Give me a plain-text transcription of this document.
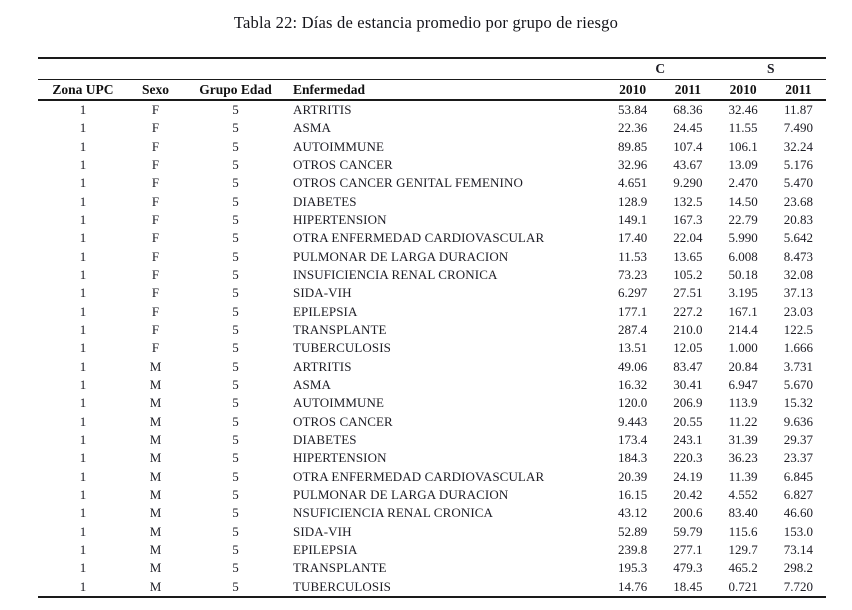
Tabla 22: Días de estancia promedio por grupo de riesgo
C	S
Zona UPC	Sexo	Grupo Edad	Enfermedad	2010	2011	2010	2011
1	F	5	ARTRITIS	53.84	68.36	32.46	11.87
1	F	5	ASMA	22.36	24.45	11.55	7.490
1	F	5	AUTOIMMUNE	89.85	107.4	106.1	32.24
1	F	5	OTROS CANCER	32.96	43.67	13.09	5.176
1	F	5	OTROS CANCER GENITAL FEMENINO	4.651	9.290	2.470	5.470
1	F	5	DIABETES	128.9	132.5	14.50	23.68
1	F	5	HIPERTENSION	149.1	167.3	22.79	20.83
1	F	5	OTRA ENFERMEDAD CARDIOVASCULAR	17.40	22.04	5.990	5.642
1	F	5	PULMONAR DE LARGA DURACION	11.53	13.65	6.008	8.473
1	F	5	INSUFICIENCIA RENAL CRONICA	73.23	105.2	50.18	32.08
1	F	5	SIDA-VIH	6.297	27.51	3.195	37.13
1	F	5	EPILEPSIA	177.1	227.2	167.1	23.03
1	F	5	TRANSPLANTE	287.4	210.0	214.4	122.5
1	F	5	TUBERCULOSIS	13.51	12.05	1.000	1.666
1	M	5	ARTRITIS	49.06	83.47	20.84	3.731
1	M	5	ASMA	16.32	30.41	6.947	5.670
1	M	5	AUTOIMMUNE	120.0	206.9	113.9	15.32
1	M	5	OTROS CANCER	9.443	20.55	11.22	9.636
1	M	5	DIABETES	173.4	243.1	31.39	29.37
1	M	5	HIPERTENSION	184.3	220.3	36.23	23.37
1	M	5	OTRA ENFERMEDAD CARDIOVASCULAR	20.39	24.19	11.39	6.845
1	M	5	PULMONAR DE LARGA DURACION	16.15	20.42	4.552	6.827
1	M	5	NSUFICIENCIA RENAL CRONICA	43.12	200.6	83.40	46.60
1	M	5	SIDA-VIH	52.89	59.79	115.6	153.0
1	M	5	EPILEPSIA	239.8	277.1	129.7	73.14
1	M	5	TRANSPLANTE	195.3	479.3	465.2	298.2
1	M	5	TUBERCULOSIS	14.76	18.45	0.721	7.720
